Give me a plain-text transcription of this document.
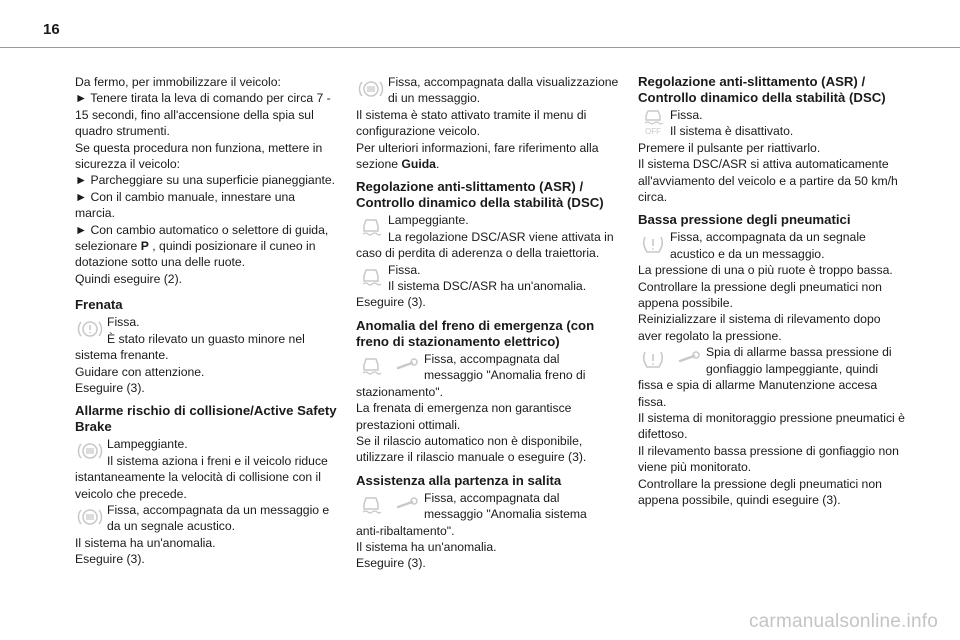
16

Da fermo, per immobilizzare il veicolo:
► Tenere tirata la leva di comando per circa 7 - 15 secondi, fino all'accensione della spia sul quadro strumenti.
Se questa procedura non funziona, mettere in sicurezza il veicolo:
► Parcheggiare su una superficie pianeggiante.
► Con il cambio manuale, innestare una marcia.
► Con cambio automatico o selettore di guida, selezionare P , quindi posizionare il cuneo in dotazione sotto una delle ruote.
Quindi eseguire (2).

Frenata
Fissa.
È stato rilevato un guasto minore nel

sistema frenante.
Guidare con attenzione.
Eseguire (3).

Allarme rischio di collisione/Active Safety Brake
Lampeggiante.
Il sistema aziona i freni e il veicolo riduce

istantaneamente la velocità di collisione con il veicolo che precede.

Fissa, accompagnata da un messaggio e da un segnale acustico.

Il sistema ha un'anomalia.
Eseguire (3).

Fissa, accompagnata dalla visualizzazione di un messaggio.

Il sistema è stato attivato tramite il menu di configurazione veicolo.
Per ulteriori informazioni, fare riferimento alla sezione Guida.

Regolazione anti-slittamento (ASR) / Controllo dinamico della stabilità (DSC)
Lampeggiante.
La regolazione DSC/ASR viene attivata in

caso di perdita di aderenza o della traiettoria.

Fissa.
Il sistema DSC/ASR ha un'anomalia.

Eseguire (3).

Anomalia del freno di emergenza (con freno di stazionamento elettrico)
Fissa, accompagnata dal messaggio "Anomalia freno di

stazionamento".
La frenata di emergenza non garantisce prestazioni ottimali.
Se il rilascio automatico non è disponibile, utilizzare il rilascio manuale o eseguire (3).

Assistenza alla partenza in salita
Fissa, accompagnata dal messaggio "Anomalia sistema

anti-ribaltamento".
Il sistema ha un'anomalia.
Eseguire (3).

Regolazione anti-slittamento (ASR) / Controllo dinamico della stabilità (DSC)
OFF
Fissa.
Il sistema è disattivato.

Premere il pulsante per riattivarlo.
Il sistema DSC/ASR si attiva automaticamente all'avviamento del veicolo e a partire da 50 km/h circa.

Bassa pressione degli pneumatici
Fissa, accompagnata da un segnale acustico e da un messaggio.

La pressione di una o più ruote è troppo bassa.
Controllare la pressione degli pneumatici non appena possibile.
Reinizializzare il sistema di rilevamento dopo aver regolato la pressione.

Spia di allarme bassa pressione di gonfiaggio lampeggiante, quindi

fissa e spia di allarme Manutenzione accesa fissa.
Il sistema di monitoraggio pressione pneumatici è difettoso.
Il rilevamento bassa pressione di gonfiaggio non viene più monitorato.
Controllare la pressione degli pneumatici non appena possibile, quindi eseguire (3).

carmanualsonline.info
